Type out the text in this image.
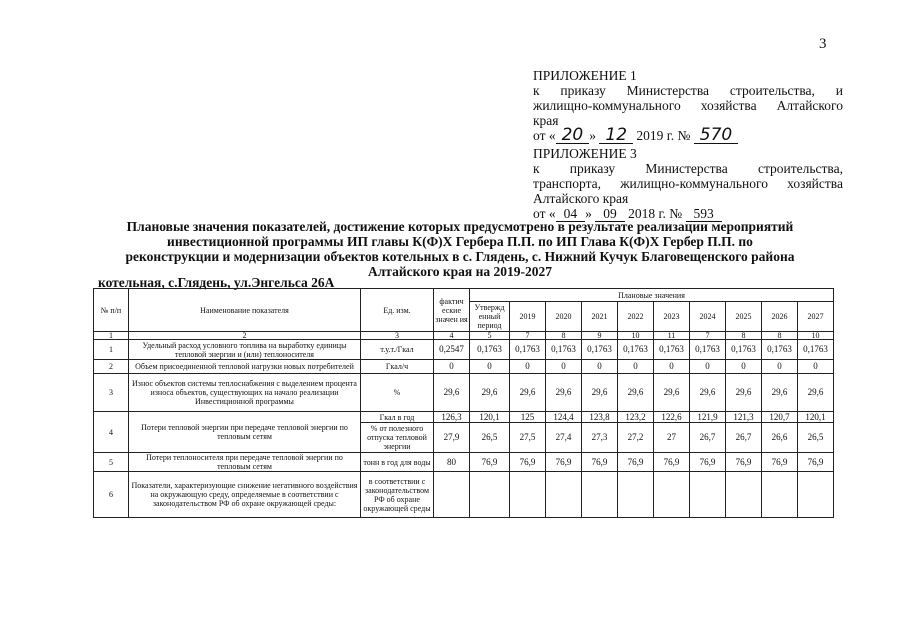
3
ПРИЛОЖЕНИЕ 1
к приказу Министерства строительства, и
жилищно-коммунального хозяйства Алтайского
края
от « 20 » 12 2019 г. № 570
ПРИЛОЖЕНИЕ 3
к приказу Министерства строительства,
транспорта, жилищно-коммунального хозяйства
Алтайского края
от « 04 » 09 2018 г. № 593
Плановые значения показателей, достижение которых предусмотрено в результате реализации мероприятий
инвестиционной программы ИП главы К(Ф)Х Гербера П.П. по ИП Глава К(Ф)Х Гербер П.П. по
реконструкции и модернизации объектов котельных в с. Глядень, с. Нижний Кучук Благовещенского района
Алтайского края на 2019-2027
котельная, с.Глядень, ул.Энгельса 26А
№ п/п	Наименование показателя	Ед. изм.	фактич еские значен ия	Плановые значения									
				Утвержд енный период	2019	2020	2021	2022	2023	2024	2025	2026	2027
1	2	3	4	5	7	8	9	10	11	7	8	8	10
1	Удельный расход условного топлива на выработку единицы тепловой энергии и (или) теплоносителя	т.у.т./Гкал	0,2547	0,1763	0,1763	0,1763	0,1763	0,1763	0,1763	0,1763	0,1763	0,1763	0,1763
2	Объем присоединенной тепловой нагрузки новых потребителей	Гкал/ч	0	0	0	0	0	0	0	0	0	0	0
3	Износ объектов системы теплоснабжения с выделением процента износа объектов, существующих на начало реализации Инвестиционной программы	%	29,6	29,6	29,6	29,6	29,6	29,6	29,6	29,6	29,6	29,6	29,6
4	Потери тепловой энергии при передаче тепловой энергии по тепловым сетям	Гкал в год	126,3	120,1	125	124,4	123,8	123,2	122,6	121,9	121,3	120,7	120,1
		% от полезного отпуска тепловой энергии	27,9	26,5	27,5	27,4	27,3	27,2	27	26,7	26,7	26,6	26,5
5	Потери теплоносителя при передаче тепловой энергии по тепловым сетям	тонн в год для воды	80	76,9	76,9	76,9	76,9	76,9	76,9	76,9	76,9	76,9	76,9
6	Показатели, характеризующие снижение негативного воздействия на окружающую среду, определяемые в соответствии с законодательством РФ об охране окружающей среды:	в соответствии с законодательством РФ об охране окружающей среды											
